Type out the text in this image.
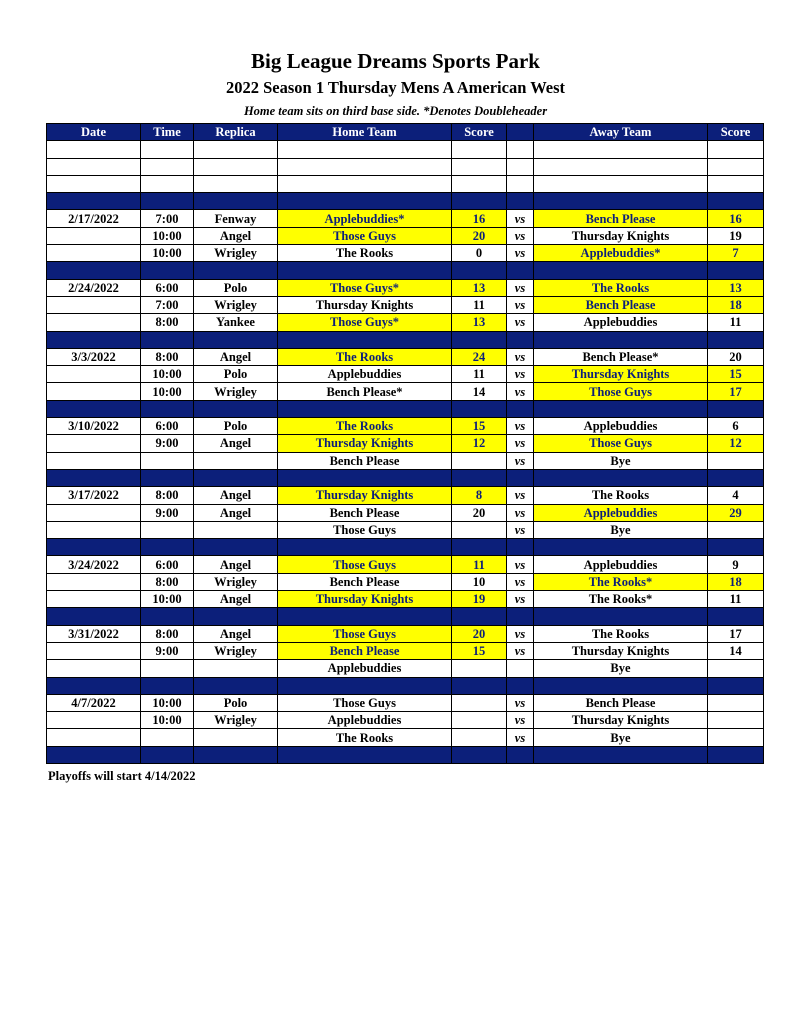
Big League Dreams Sports Park
2022 Season 1 Thursday Mens A American West
Home team sits on third base side. *Denotes Doubleheader
Date	Time	Replica	Home Team	Score		Away Team	Score

2/17/2022	7:00	Fenway	Applebuddies*	16	vs	Bench Please	16
	10:00	Angel	Those Guys	20	vs	Thursday Knights	19
	10:00	Wrigley	The Rooks	0	vs	Applebuddies*	7

2/24/2022	6:00	Polo	Those Guys*	13	vs	The Rooks	13
	7:00	Wrigley	Thursday Knights	11	vs	Bench Please	18
	8:00	Yankee	Those Guys*	13	vs	Applebuddies	11

3/3/2022	8:00	Angel	The Rooks	24	vs	Bench Please*	20
	10:00	Polo	Applebuddies	11	vs	Thursday Knights	15
	10:00	Wrigley	Bench Please*	14	vs	Those Guys	17

3/10/2022	6:00	Polo	The Rooks	15	vs	Applebuddies	6
	9:00	Angel	Thursday Knights	12	vs	Those Guys	12
			Bench Please		vs	Bye	

3/17/2022	8:00	Angel	Thursday Knights	8	vs	The Rooks	4
	9:00	Angel	Bench Please	20	vs	Applebuddies	29
			Those Guys		vs	Bye	

3/24/2022	6:00	Angel	Those Guys	11	vs	Applebuddies	9
	8:00	Wrigley	Bench Please	10	vs	The Rooks*	18
	10:00	Angel	Thursday Knights	19	vs	The Rooks*	11

3/31/2022	8:00	Angel	Those Guys	20	vs	The Rooks	17
	9:00	Wrigley	Bench Please	15	vs	Thursday Knights	14
			Applebuddies			Bye	

4/7/2022	10:00	Polo	Those Guys		vs	Bench Please	
	10:00	Wrigley	Applebuddies		vs	Thursday Knights	
			The Rooks		vs	Bye	

Playoffs will start 4/14/2022
